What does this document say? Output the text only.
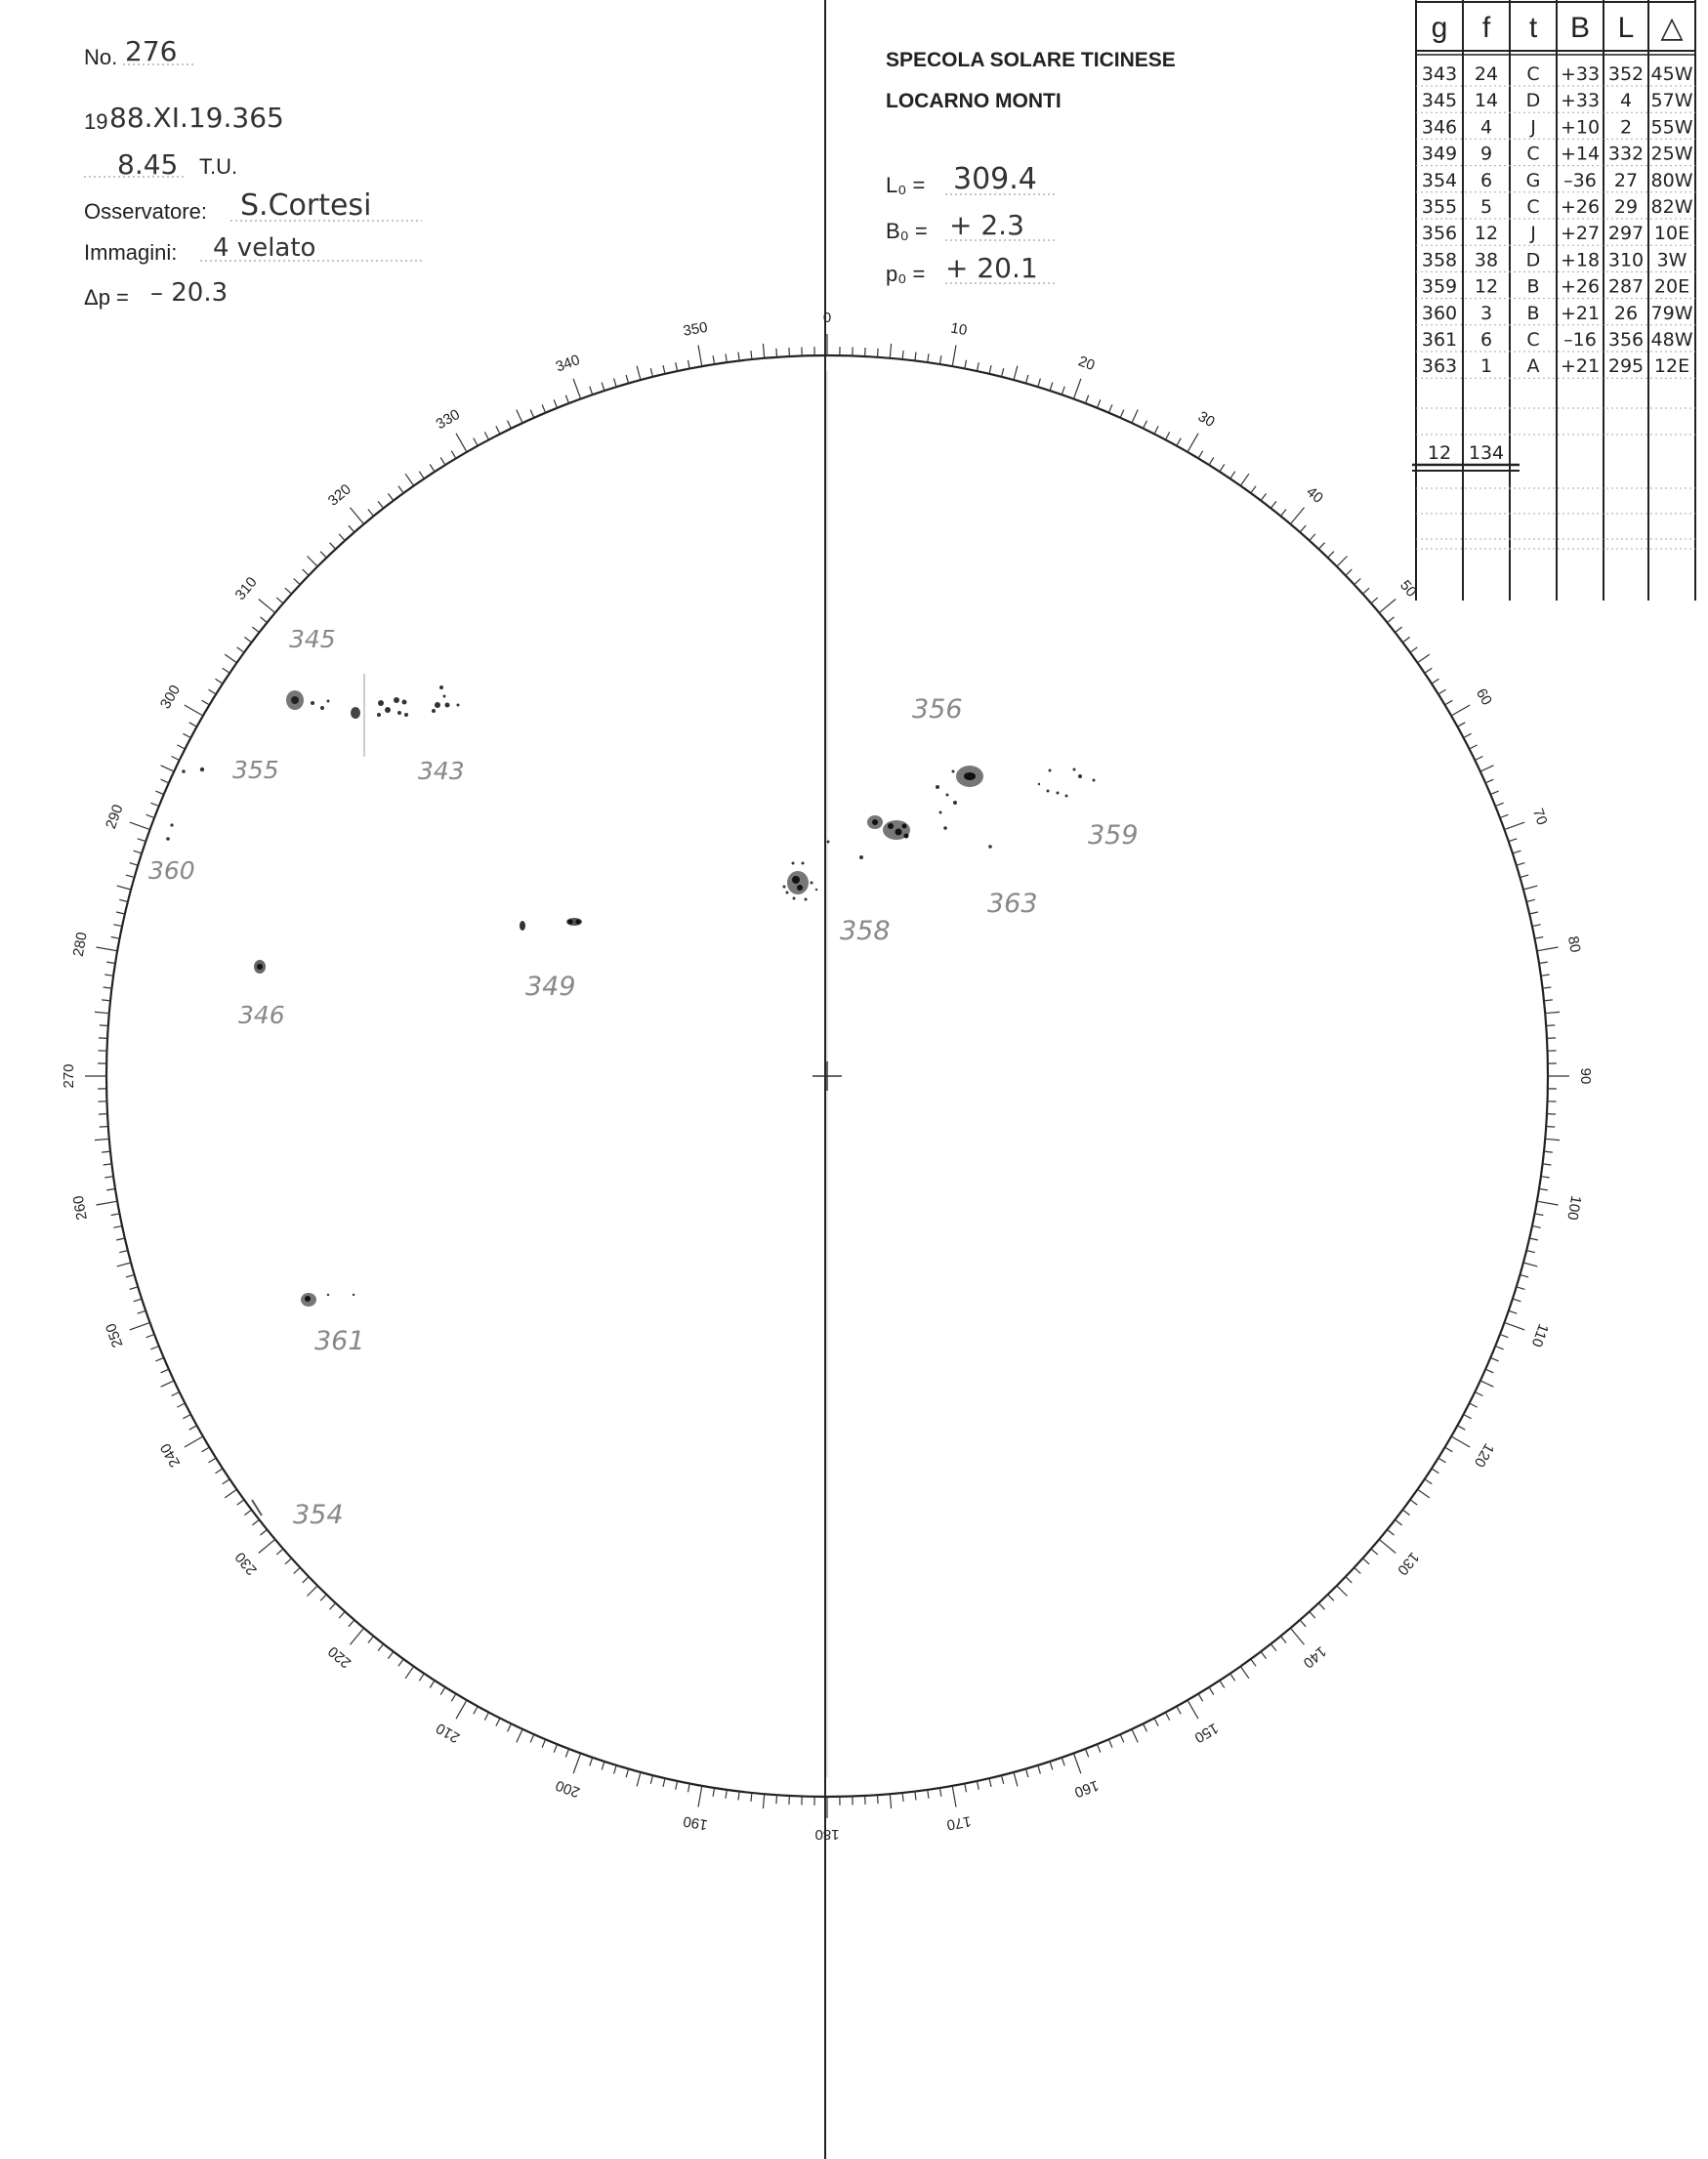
No. 276
19 88.XI.19.365
8.45 T.U.
Osservatore: S.Cortesi
Immagini: 4 velato
Δp = – 20.3
SPECOLA SOLARE TICINESE
LOCARNO MONTI
L₀ = 309.4
B₀ = + 2.3
p₀ = + 20.1
g f t B L △
343 24 C +33 352 45W
345 14 D +33 4 57W
346 4 J +10 2 55W
349 9 C +14 332 25W
354 6 G –36 27 80W
355 5 C +26 29 82W
356 12 J +27 297 10E
358 38 D +18 310 3W
359 12 B +26 287 20E
360 3 B +21 26 79W
361 6 C –16 356 48W
363 1 A +21 295 12E
12 134
0
10
20
30
40
50
60
70
80
90
100
110
120
130
140
150
160
170
180
190
200
210
220
230
240
250
260
270
280
290
300
310
320
330
340
350
345
355	343
360
346
349
356
359
358
363
361
354
